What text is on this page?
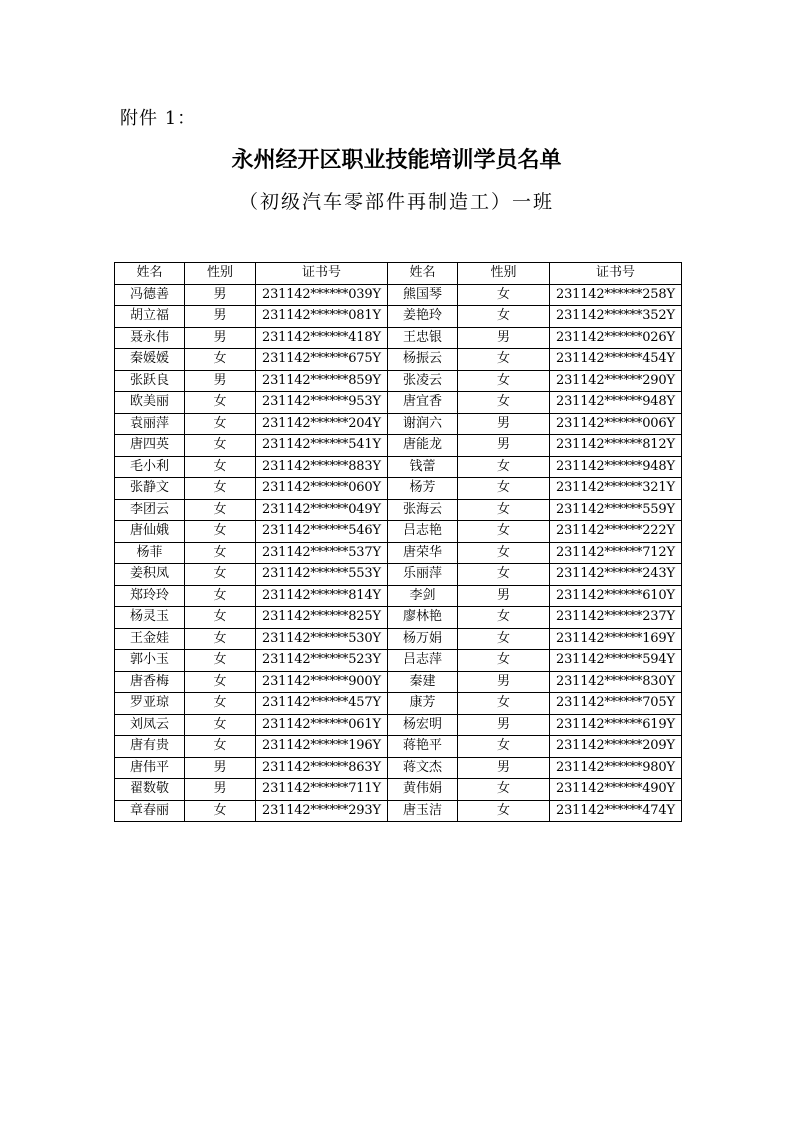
附件 1：
永州经开区职业技能培训学员名单
（初级汽车零部件再制造工）一班
姓名	性别	证书号	姓名	性别	证书号
冯德善	男	231142******039Y	熊国琴	女	231142******258Y
胡立福	男	231142******081Y	姜艳玲	女	231142******352Y
聂永伟	男	231142******418Y	王忠银	男	231142******026Y
秦媛媛	女	231142******675Y	杨振云	女	231142******454Y
张跃良	男	231142******859Y	张凌云	女	231142******290Y
欧美丽	女	231142******953Y	唐宜香	女	231142******948Y
袁丽萍	女	231142******204Y	谢润六	男	231142******006Y
唐四英	女	231142******541Y	唐能龙	男	231142******812Y
毛小利	女	231142******883Y	钱蕾	女	231142******948Y
张静文	女	231142******060Y	杨芳	女	231142******321Y
李团云	女	231142******049Y	张海云	女	231142******559Y
唐仙娥	女	231142******546Y	吕志艳	女	231142******222Y
杨菲	女	231142******537Y	唐荣华	女	231142******712Y
姜积凤	女	231142******553Y	乐丽萍	女	231142******243Y
郑玲玲	女	231142******814Y	李剑	男	231142******610Y
杨灵玉	女	231142******825Y	廖林艳	女	231142******237Y
王金娃	女	231142******530Y	杨万娟	女	231142******169Y
郭小玉	女	231142******523Y	吕志萍	女	231142******594Y
唐香梅	女	231142******900Y	秦建	男	231142******830Y
罗亚琼	女	231142******457Y	康芳	女	231142******705Y
刘凤云	女	231142******061Y	杨宏明	男	231142******619Y
唐有贵	女	231142******196Y	蒋艳平	女	231142******209Y
唐伟平	男	231142******863Y	蒋文杰	男	231142******980Y
翟数敬	男	231142******711Y	黄伟娟	女	231142******490Y
章春丽	女	231142******293Y	唐玉洁	女	231142******474Y
